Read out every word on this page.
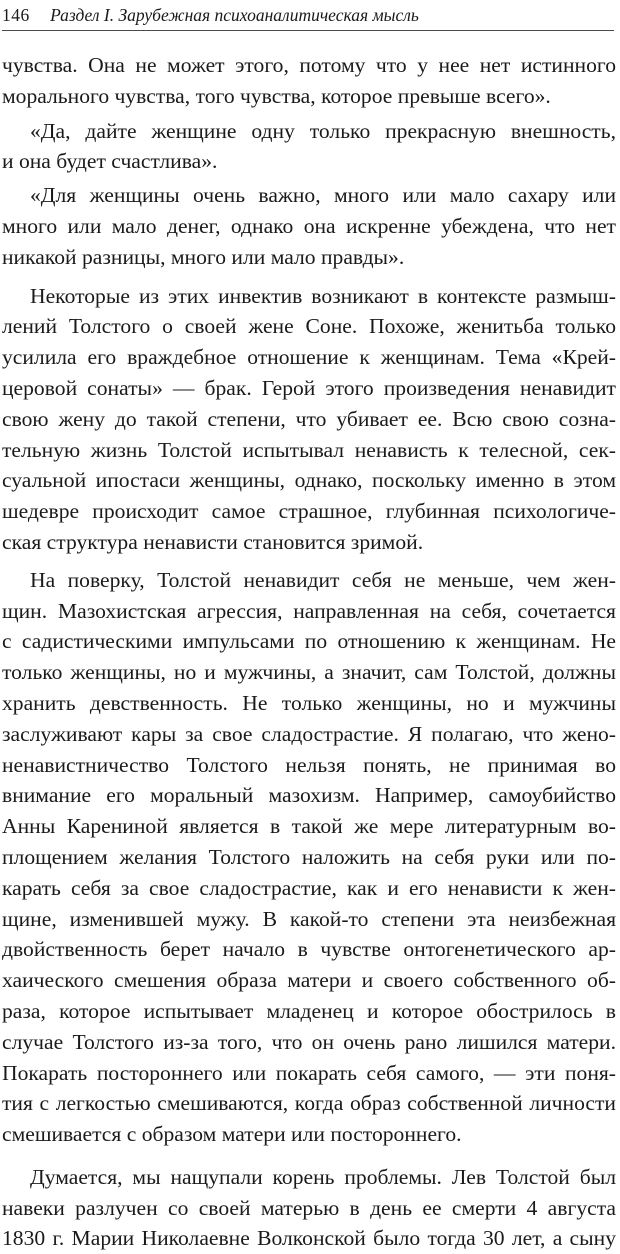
146 Раздел I. Зарубежная психоаналитическая мысль

чувства. Она не может этого, потому что у нее нет истинного
морального чувства, того чувства, которое превыше всего».

«Да, дайте женщине одну только прекрасную внешность,
и она будет счастлива».

«Для женщины очень важно, много или мало сахару или
много или мало денег, однако она искренне убеждена, что нет
никакой разницы, много или мало правды».

Некоторые из этих инвектив возникают в контексте размыш-
лений Толстого о своей жене Соне. Похоже, женитьба только
усилила его враждебное отношение к женщинам. Тема «Крей-
церовой сонаты» — брак. Герой этого произведения ненавидит
свою жену до такой степени, что убивает ее. Всю свою созна-
тельную жизнь Толстой испытывал ненависть к телесной, сек-
суальной ипостаси женщины, однако, поскольку именно в этом
шедевре происходит самое страшное, глубинная психологиче-
ская структура ненависти становится зримой.

На поверку, Толстой ненавидит себя не меньше, чем жен-
щин. Мазохистская агрессия, направленная на себя, сочетается
с садистическими импульсами по отношению к женщинам. Не
только женщины, но и мужчины, а значит, сам Толстой, должны
хранить девственность. Не только женщины, но и мужчины
заслуживают кары за свое сладострастие. Я полагаю, что жено-
ненавистничество Толстого нельзя понять, не принимая во
внимание его моральный мазохизм. Например, самоубийство
Анны Карениной является в такой же мере литературным во-
площением желания Толстого наложить на себя руки или по-
карать себя за свое сладострастие, как и его ненависти к жен-
щине, изменившей мужу. В какой-то степени эта неизбежная
двойственность берет начало в чувстве онтогенетического ар-
хаического смешения образа матери и своего собственного об-
раза, которое испытывает младенец и которое обострилось в
случае Толстого из-за того, что он очень рано лишился матери.
Покарать постороннего или покарать себя самого, — эти поня-
тия с легкостью смешиваются, когда образ собственной личности
смешивается с образом матери или постороннего.

Думается, мы нащупали корень проблемы. Лев Толстой был
навеки разлучен со своей матерью в день ее смерти 4 августа
1830 г. Марии Николаевне Волконской было тогда 30 лет, а сыну
